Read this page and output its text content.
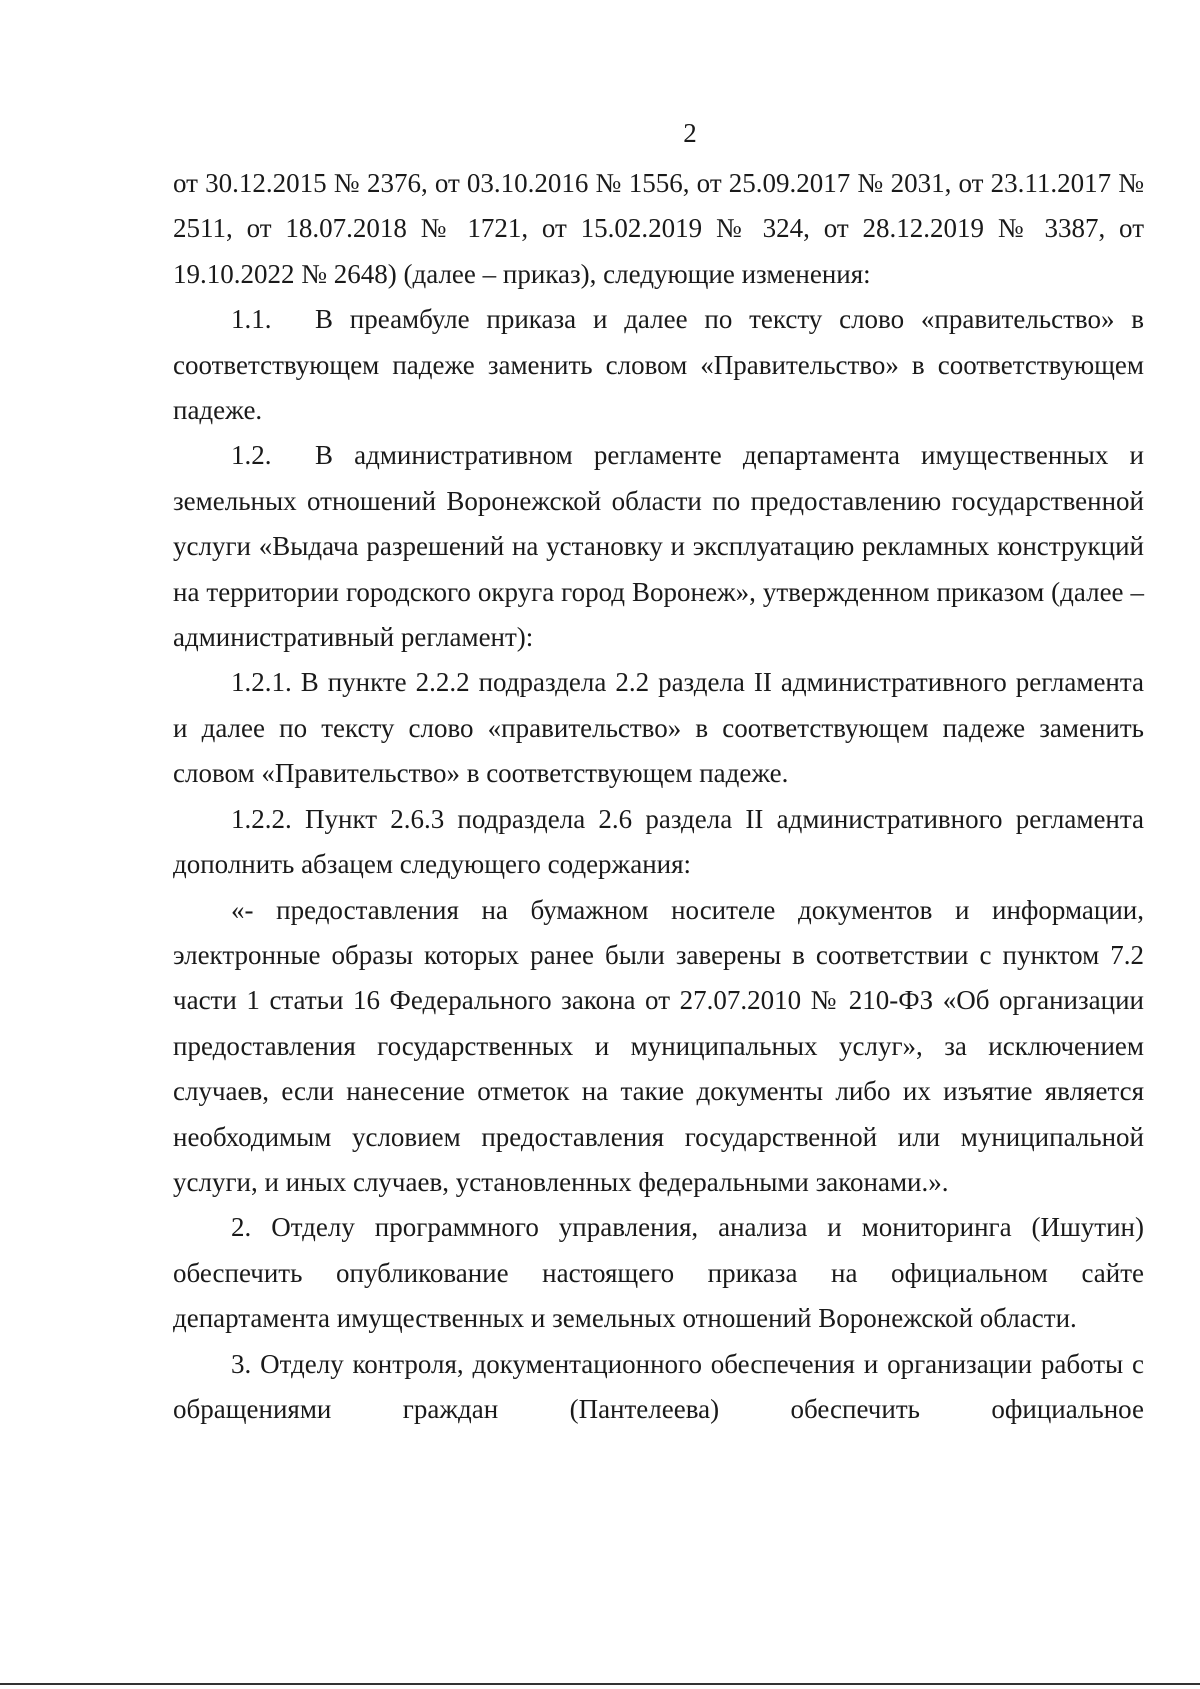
2

от 30.12.2015 № 2376, от 03.10.2016 № 1556, от 25.09.2017 № 2031, от 23.11.2017 № 2511, от 18.07.2018 № 1721, от 15.02.2019 № 324, от 28.12.2019 № 3387, от 19.10.2022 № 2648) (далее – приказ), следующие изменения:

1.1. В преамбуле приказа и далее по тексту слово «правительство» в соответствующем падеже заменить словом «Правительство» в соответствующем падеже.

1.2. В административном регламенте департамента имущественных и земельных отношений Воронежской области по предоставлению государственной услуги «Выдача разрешений на установку и эксплуатацию рекламных конструкций на территории городского округа город Воронеж», утвержденном приказом (далее – административный регламент):

1.2.1. В пункте 2.2.2 подраздела 2.2 раздела II административного регламента и далее по тексту слово «правительство» в соответствующем падеже заменить словом «Правительство» в соответствующем падеже.

1.2.2. Пункт 2.6.3 подраздела 2.6 раздела II административного регламента дополнить абзацем следующего содержания:

«- предоставления на бумажном носителе документов и информации, электронные образы которых ранее были заверены в соответствии с пунктом 7.2 части 1 статьи 16 Федерального закона от 27.07.2010 № 210-ФЗ «Об организации предоставления государственных и муниципальных услуг», за исключением случаев, если нанесение отметок на такие документы либо их изъятие является необходимым условием предоставления государственной или муниципальной услуги, и иных случаев, установленных федеральными законами.».

2. Отделу программного управления, анализа и мониторинга (Ишутин) обеспечить опубликование настоящего приказа на официальном сайте департамента имущественных и земельных отношений Воронежской области.

3. Отделу контроля, документационного обеспечения и организации работы с обращениями граждан (Пантелеева) обеспечить официальное
